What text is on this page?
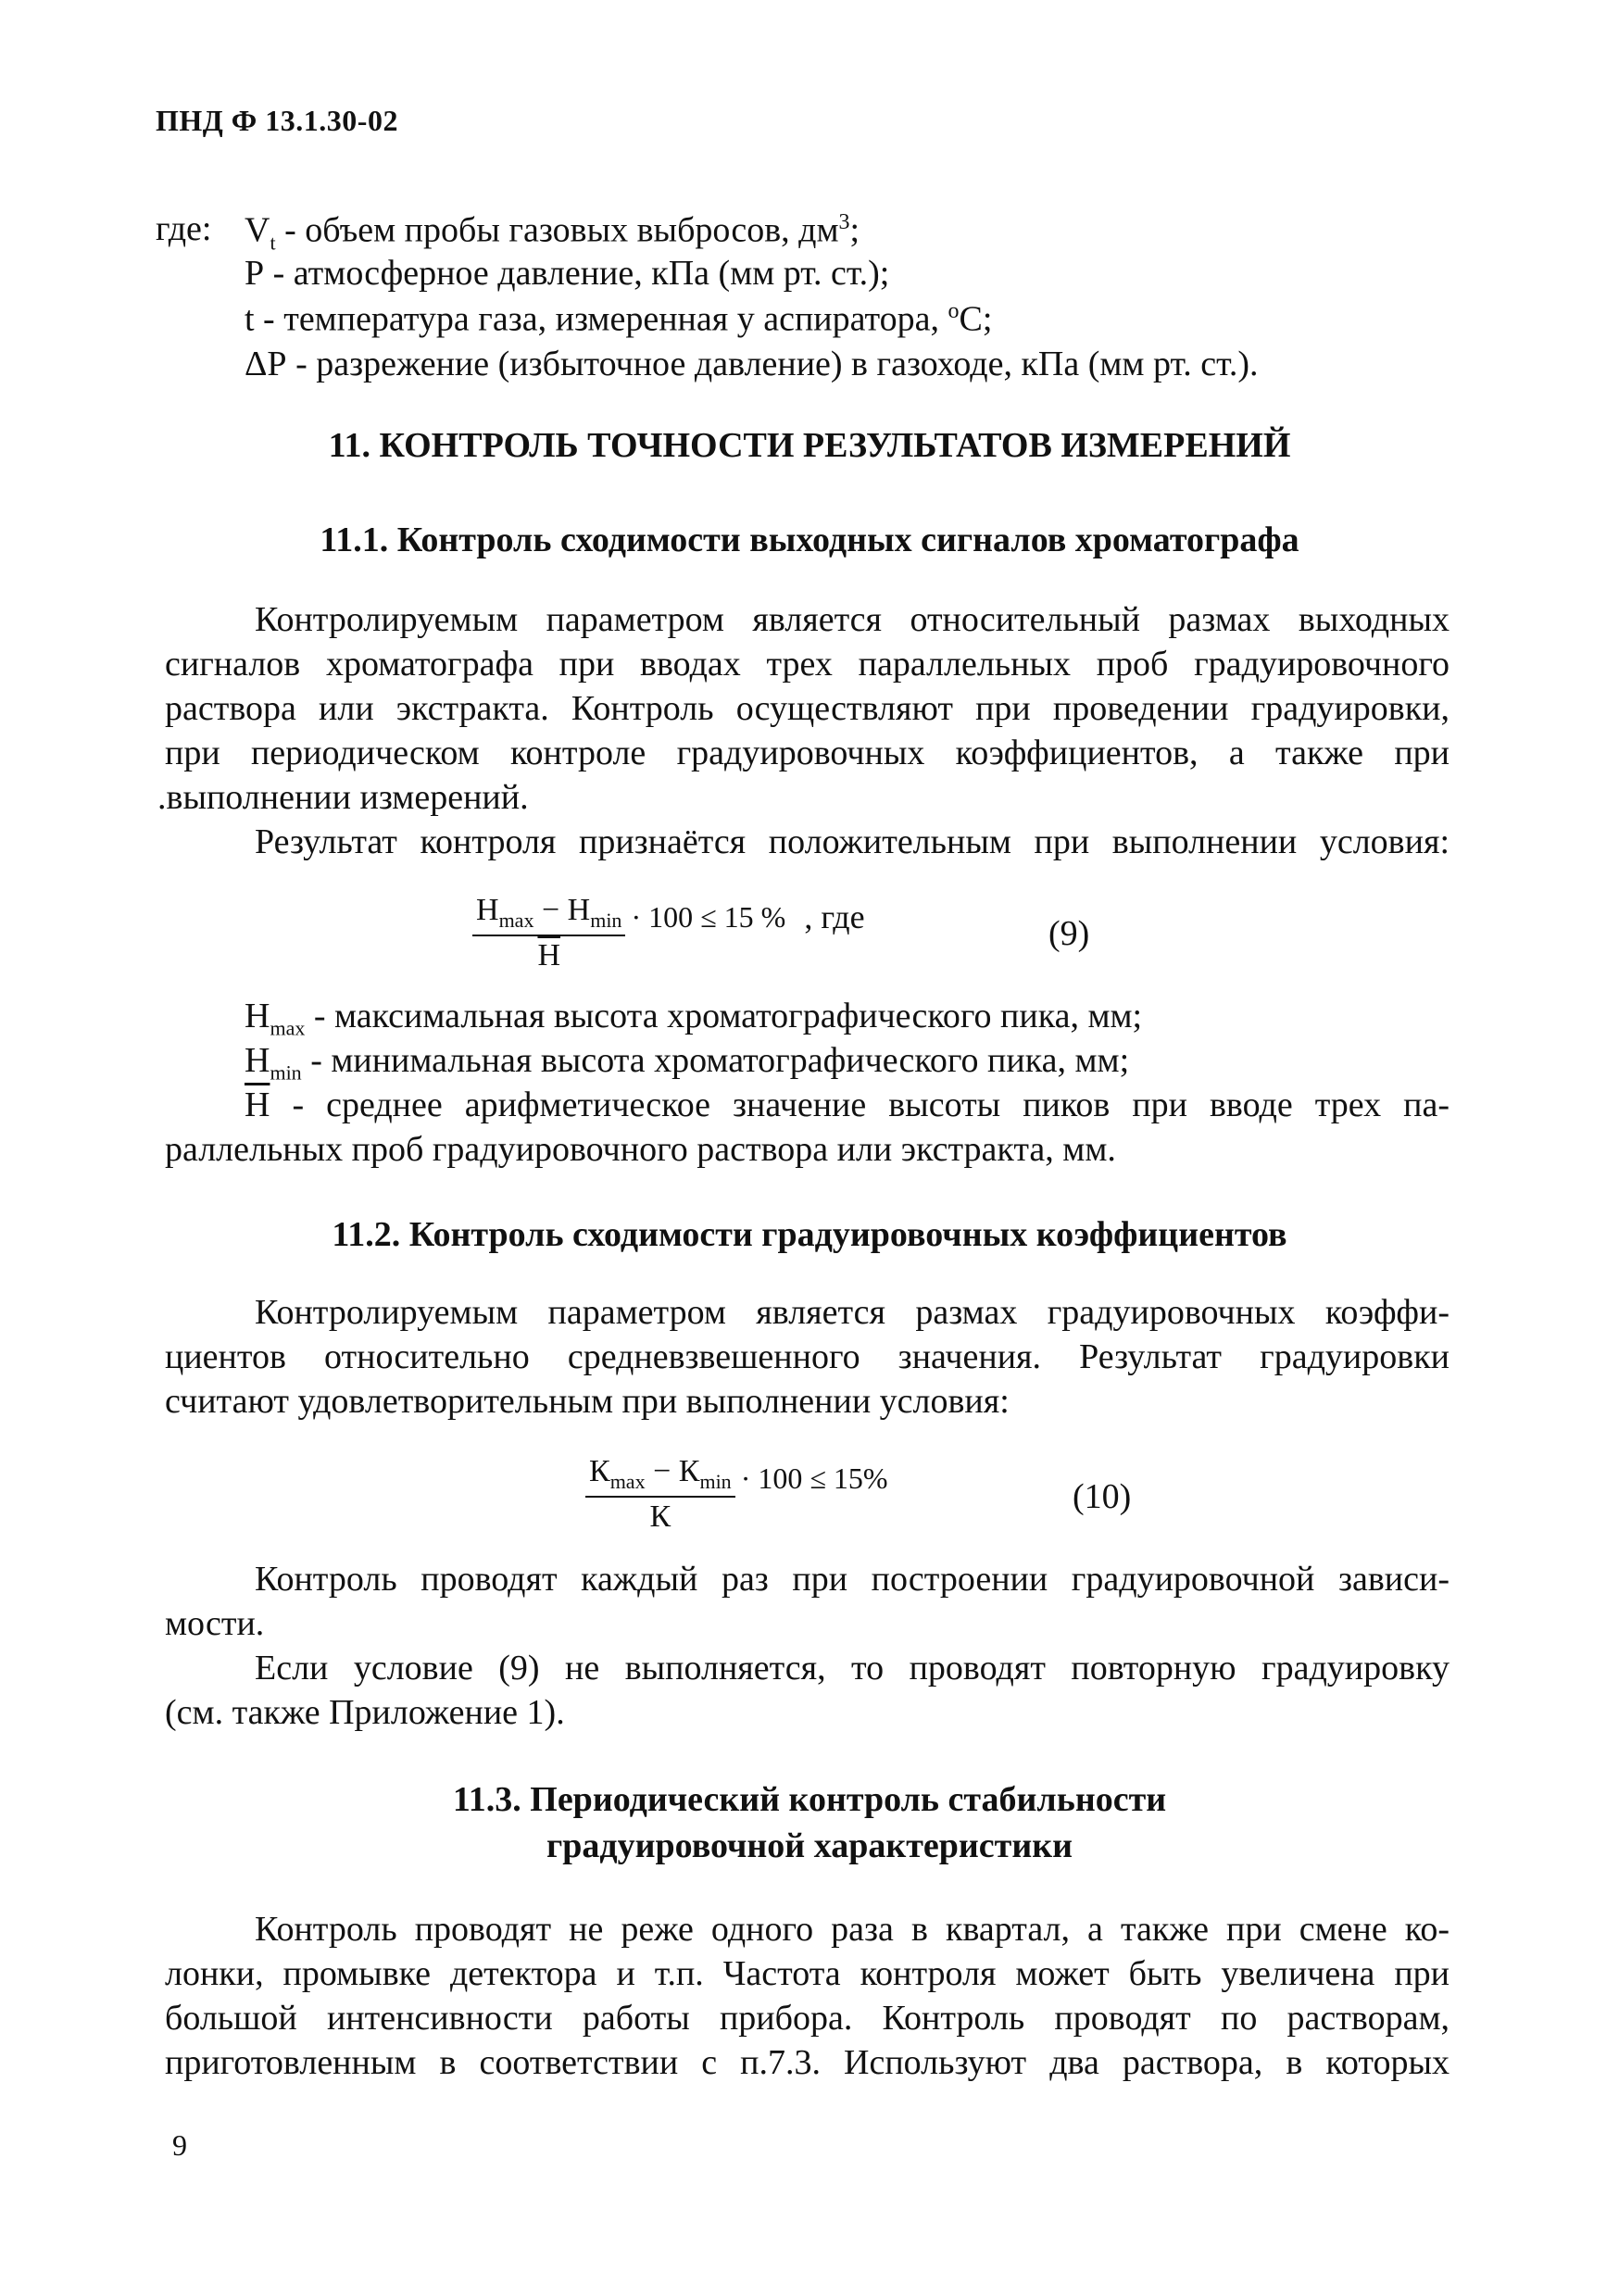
ПНД Ф 13.1.30-02
где: $V_t$ - объем пробы газовых выбросов, $дм^3$;
Р - атмосферное давление, кПа (мм рт. ст.);
t - температура газа, измеренная у аспиратора, $^o$С;
ΔР - разрежение (избыточное давление) в газоходе, кПа (мм рт. ст.).
11. КОНТРОЛЬ ТОЧНОСТИ РЕЗУЛЬТАТОВ ИЗМЕРЕНИЙ
11.1. Контроль сходимости выходных сигналов хроматографа
Контролируемым параметром является относительный размах выходных
сигналов хроматографа при вводах трех параллельных проб градуировочного
раствора или экстракта. Контроль осуществляют при проведении градуировки,
при периодическом контроле градуировочных коэффициентов, а также при
.выполнении измерений.
Результат контроля признаётся положительным при выполнении условия:
$\frac{Н_{max} - Н_{min}}{Н} \cdot 100 \le 15$ % , где	(9)
$Н_{max}$ - максимальная высота хроматографического пика, мм;
$Н_{min}$ - минимальная высота хроматографического пика, мм;
Н - среднее арифметическое значение высоты пиков при вводе трех па-
раллельных проб градуировочного раствора или экстракта, мм.
11.2. Контроль сходимости градуировочных коэффициентов
Контролируемым параметром является размах градуировочных коэффи-
циентов относительно средневзвешенного значения. Результат градуировки
считают удовлетворительным при выполнении условия:
$\frac{К_{max} - К_{min}}{К} \cdot 100 \le 15\%$	(10)
Контроль проводят каждый раз при построении градуировочной зависи-
мости.
Если условие (9) не выполняется, то проводят повторную градуировку
(см. также Приложение 1).
11.3. Периодический контроль стабильности
градуировочной характеристики
Контроль проводят не реже одного раза в квартал, а также при смене ко-
лонки, промывке детектора и т.п. Частота контроля может быть увеличена при
большой интенсивности работы прибора. Контроль проводят по растворам,
приготовленным в соответствии с п.7.3. Используют два раствора, в которых
9
